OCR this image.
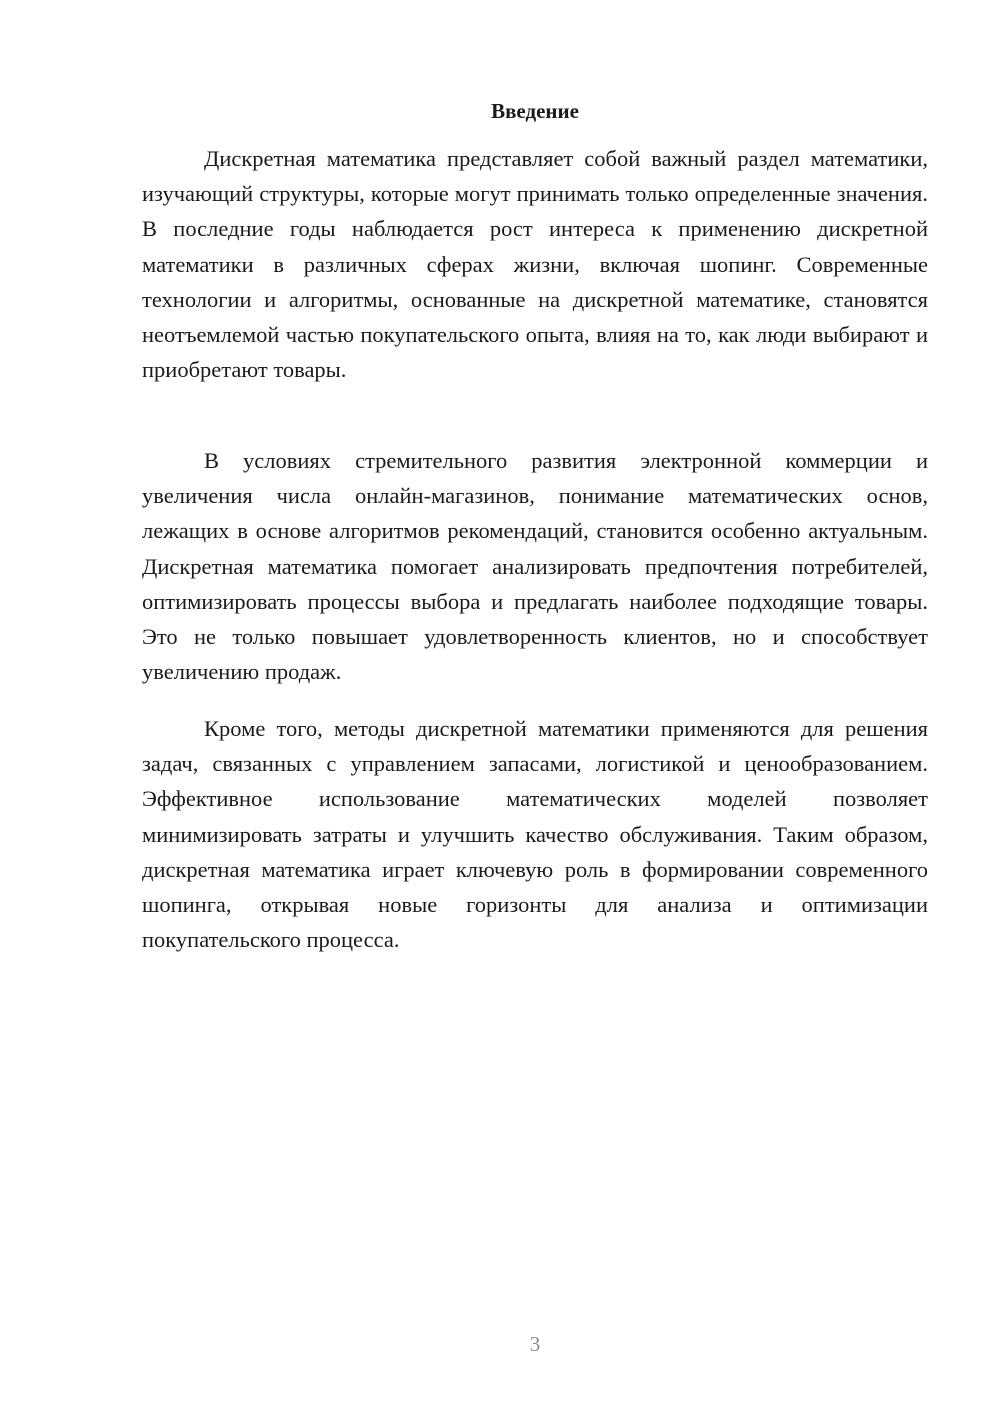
Введение

Дискретная математика представляет собой важный раздел математики, изучающий структуры, которые могут принимать только определенные значения. В последние годы наблюдается рост интереса к применению дискретной математики в различных сферах жизни, включая шопинг. Современные технологии и алгоритмы, основанные на дискретной математике, становятся неотъемлемой частью покупательского опыта, влияя на то, как люди выбирают и приобретают товары.

В условиях стремительного развития электронной коммерции и увеличения числа онлайн-магазинов, понимание математических основ, лежащих в основе алгоритмов рекомендаций, становится особенно актуальным. Дискретная математика помогает анализировать предпочтения потребителей, оптимизировать процессы выбора и предлагать наиболее подходящие товары. Это не только повышает удовлетворенность клиентов, но и способствует увеличению продаж.

Кроме того, методы дискретной математики применяются для решения задач, связанных с управлением запасами, логистикой и ценообразованием. Эффективное использование математических моделей позволяет минимизировать затраты и улучшить качество обслуживания. Таким образом, дискретная математика играет ключевую роль в формировании современного шопинга, открывая новые горизонты для анализа и оптимизации покупательского процесса.

3
